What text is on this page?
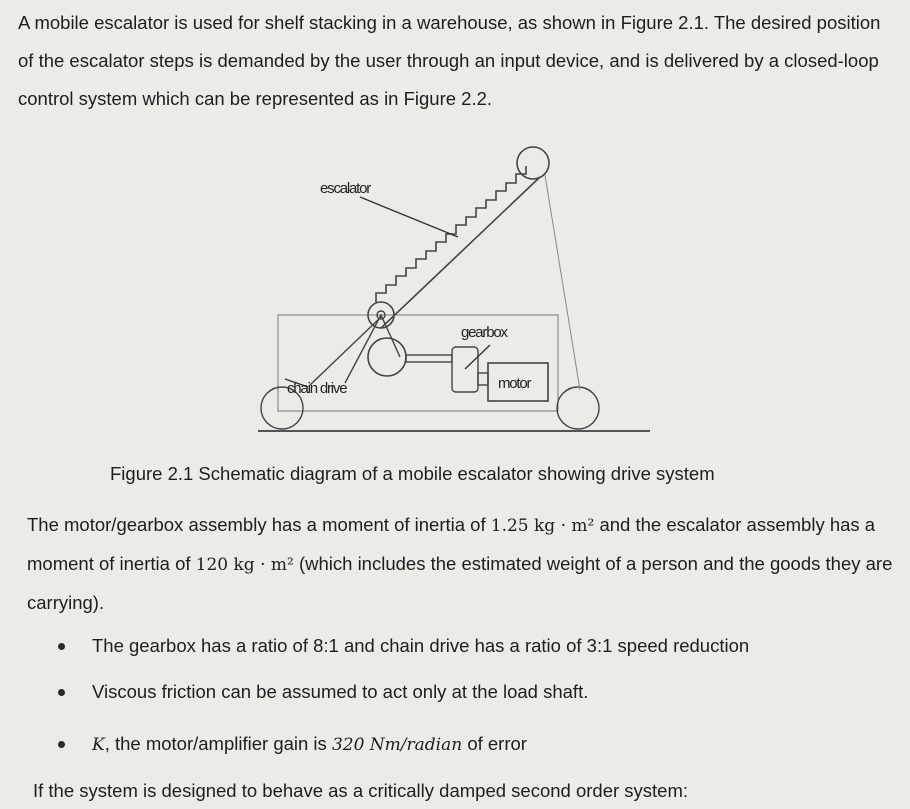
A mobile escalator is used for shelf stacking in a warehouse, as shown in Figure 2.1. The desired position of the escalator steps is demanded by the user through an input device, and is delivered by a closed-loop control system which can be represented as in Figure 2.2.

escalator
gearbox
chain drive	motor

Figure 2.1 Schematic diagram of a mobile escalator showing drive system

The motor/gearbox assembly has a moment of inertia of 1.25 kg · m² and the escalator assembly has a moment of inertia of 120 kg · m² (which includes the estimated weight of a person and the goods they are carrying).

The gearbox has a ratio of 8:1 and chain drive has a ratio of 3:1 speed reduction
Viscous friction can be assumed to act only at the load shaft.
K, the motor/amplifier gain is 320 Nm/radian of error

If the system is designed to behave as a critically damped second order system:
